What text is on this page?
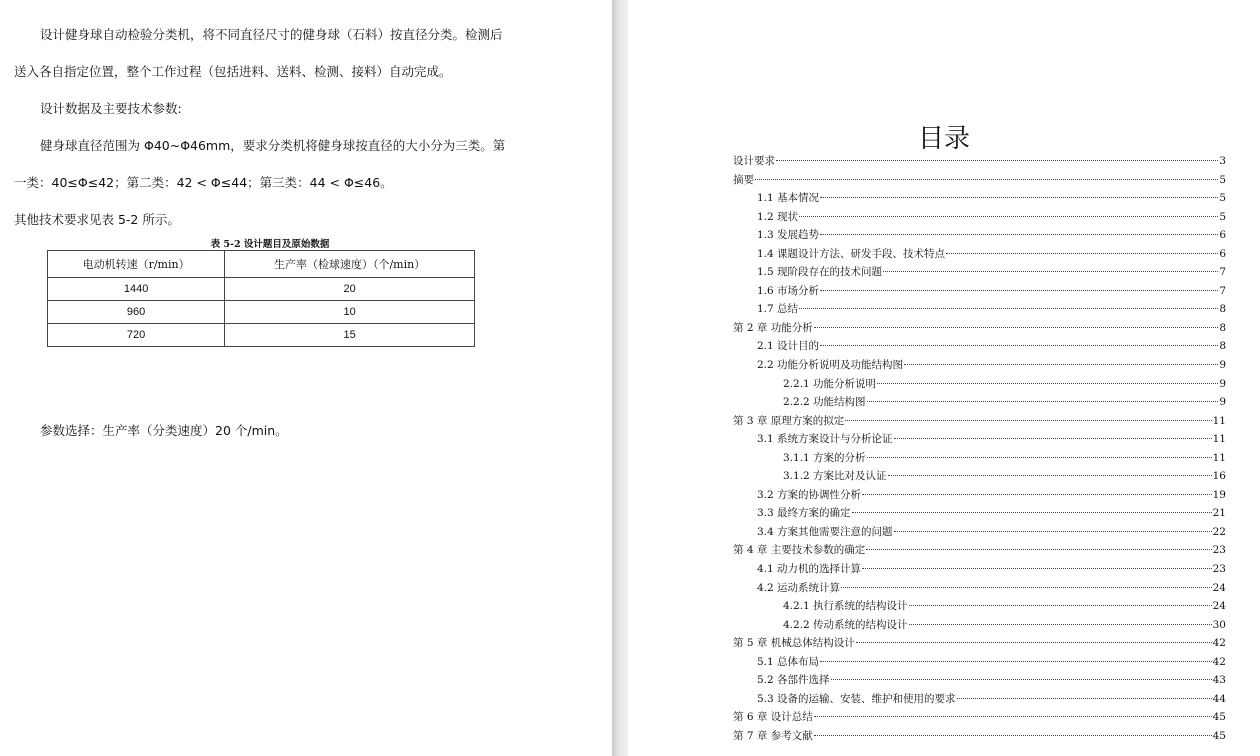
设计健身球自动检验分类机，将不同直径尺寸的健身球（石料）按直径分类。检测后
送入各自指定位置，整个工作过程（包括进料、送料、检测、接料）自动完成。
设计数据及主要技术参数:
健身球直径范围为 Φ40~Φ46mm，要求分类机将健身球按直径的大小分为三类。第
一类：40≤Φ≤42；第二类：42 < Φ≤44；第三类：44 < Φ≤46。
其他技术要求见表 5-2 所示。
表 5-2 设计题目及原始数据
电动机转速（r/min）	生产率（检球速度）（个/min）
1440	20
960	10
720	15
参数选择：生产率（分类速度）20 个/min。
目录
设计要求	3
摘要	5
1.1 基本情况	5
1.2 现状	5
1.3 发展趋势	6
1.4 课题设计方法、研发手段、技术特点	6
1.5 现阶段存在的技术问题	7
1.6 市场分析	7
1.7 总结	8
第 2 章 功能分析	8
2.1 设计目的	8
2.2 功能分析说明及功能结构图	9
2.2.1 功能分析说明	9
2.2.2 功能结构图	9
第 3 章 原理方案的拟定	11
3.1 系统方案设计与分析论证	11
3.1.1 方案的分析	11
3.1.2 方案比对及认证	16
3.2 方案的协调性分析	19
3.3 最终方案的确定	21
3.4 方案其他需要注意的问题	22
第 4 章 主要技术参数的确定	23
4.1 动力机的选择计算	23
4.2 运动系统计算	24
4.2.1 执行系统的结构设计	24
4.2.2 传动系统的结构设计	30
第 5 章 机械总体结构设计	42
5.1 总体布局	42
5.2 各部件选择	43
5.3 设备的运输、安装、维护和使用的要求	44
第 6 章 设计总结	45
第 7 章 参考文献	45
